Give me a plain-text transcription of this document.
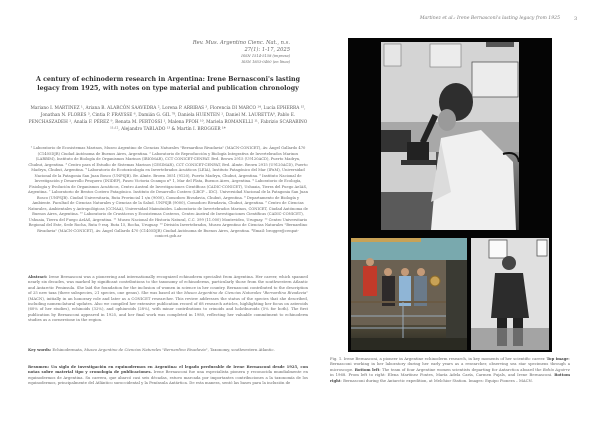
Martinez et al.: Irene Bernasconi's lasting legacy from 1925	3
Rev. Mus. Argentino Cienc. Nat., n.s.
27(1): 1-17, 2025
ISSN 1514-5158 (impresa)
ISSN 1853-0400 (en línea)
A century of echinoderm research in Argentina: Irene Bernasconi's lasting legacy from 1925, with notes on type material and publication chronology
Mariano I. MARTINEZ ¹, Ariana B. ALARCÓN SAAVEDRA ², Lorena P. ARRIBAS ³, Florencia DI MARCO ¹⁴, Lucía EPHERRA ¹⁵, Jonathan N. FLORES ³, Cintia P. FRAYSSE ⁶, Damián G. GIL ⁷⁸, Daniela HUENTEN ¹, Daniel M. LAURETTA⁹, Pablo E. PENCHASZADEH ¹, Analía F. PÉREZ ⁹, Renata M. PERTOSSI ¹, Malena PFOH ¹⁰, Mariela ROMANELLI ¹¹, Fabrizio SCARABINO ¹¹˒¹², Alejandro TABLADO ¹³ & Martín I. BROGGER ¹*
¹ Laboratorio de Ecosistemas Marinos, Museo Argentino de Ciencias Naturales "Bernardino Rivadavia" (MACN-CONICET), Av. Ángel Gallardo 470 (C1405DJR) Ciudad Autónoma de Buenos Aires, Argentina. ² Laboratorio de Reproducción y Biología Integrativa de Invertebrados Marinos (LARBIM), Instituto de Biología de Organismos Marinos (IBIOMAR), CCT CONICET-CENPAT. Bvd. Brown 2915 (U9120ACD), Puerto Madryn, Chubut, Argentina. ³ Centro para el Estudio de Sistemas Marinos (CESIMAR), CCT CONICET-CENPAT, Bvd. Almte. Brown 2915 (U9120ACD), Puerto Madryn, Chubut, Argentina. ⁴ Laboratorio de Ecotoxicología en Invertebrados Acuáticos (LEIA), Instituto Patagónico del Mar (IPaM), Universidad Nacional de la Patagonia San Juan Bosco (UNPSJB). Bv. Almte. Brown 3051 (9120), Puerto Madryn, Chubut, Argentina. ⁵ Instituto Nacional de Investigación y Desarrollo Pesquero (INIDEP), Paseo Victoria Ocampo nº 1, Mar del Plata, Buenos Aires, Argentina. ⁶ Laboratorio de Ecología, Fisiología y Evolución de Organismos Acuáticos, Centro Austral de Investigaciones Científicas (CADIC-CONICET), Ushuaia, Tierra del Fuego AeIAS, Argentina. ⁷ Laboratorio de Bentos Costero Patagónico. Instituto de Desarrollo Costero (LBCP – IDC). Universidad Nacional de la Patagonia San Juan Bosco (UNPSJB). Ciudad Universitaria, Ruta Provincial 1 s/n (9000), Comodoro Rivadavia, Chubut, Argentina. ⁸ Departamento de Biología y Ambiente. Facultad de Ciencias Naturales y Ciencias de la Salud. UNPSJB (9000), Comodoro Rivadavia, Chubut, Argentina. ⁹ Centro de Ciencias Naturales, Ambientales y Antropológicas (CCNAA), Universidad Maimónides. Laboratorio de Invertebrados Marinos, CONICET, Ciudad Autónoma de Buenos Aires, Argentina. ¹⁰ Laboratorio de Crustáceos y Ecosistemas Costeros, Centro Austral de Investigaciones Científicas (CADIC-CONICET), Ushuaia, Tierra del Fuego AeIAS, Argentina. ¹¹ Museo Nacional de Historia Natural, C.C. 399 (11.000) Montevideo, Uruguay. ¹² Centro Universitario Regional del Este, Sede Rocha, Ruta 9 esq. Ruta 15, Rocha, Uruguay. ¹³ División Invertebrados, Museo Argentino de Ciencias Naturales "Bernardino Rivadavia" (MACN-CONICET), Av. Ángel Gallardo 470 (C1405DJR) Ciudad Autónoma de Buenos Aires, Argentina. *Email: brogger@cenpat-conicet.gob.ar
Abstract: Irene Bernasconi was a pioneering and internationally recognized echinoderm specialist from Argentina. Her career, which spanned nearly six decades, was marked by significant contributions to the taxonomy of echinoderms, particularly those from the southwestern Atlantic and Antarctic Peninsula. She laid the foundation for the inclusion of women in science in her country. Bernasconi contributed to the description of 25 new taxa (three subspecies, 21 species, one genus). She was based at the Museo Argentino de Ciencias Naturales "Bernardino Rivadavia" (MACN), initially in an honorary role and later as a CONICET researcher. This review addresses the status of the species that she described, including nomenclatural updates. Also we compiled her extensive publication record of 68 research articles, highlighting her focus on asteroids (60% of her studies), echinoids (32%), and ophiuroids (28%), with minor contributions to crinoids and holothuroids (5% for both). The first publication by Bernasconi appeared in 1925, and her final work was completed in 1980, reflecting her valuable commitment to echinoderm studies as a cornerstone in the region.
Key words: Echinodermata, Museo Argentino de Ciencias Naturales "Bernardino Rivadavia", Taxonomy, southwestern Atlantic.
Resumen: Un siglo de investigación en equinodermos en Argentina: el legado perdurable de Irene Bernasconi desde 1925, con notas sobre material tipo y cronología de publicaciones. Irene Bernasconi fue una especialista pionera y reconocida mundialmente en equinodermos de Argentina. Su carrera, que abarcó casi seis décadas, estuvo marcada por importantes contribuciones a la taxonomía de los equinodermos, principalmente del Atlántico suroccidental y la Península Antártica. De esta manera, sentó las bases para la inclusión de
Fig. 1. Irene Bernasconi, a pioneer in Argentine echinoderm research, in key moments of her scientific career. Top image: Bernasconi working in her laboratory during her early years as a researcher, observing sea star specimens through a microscope. Bottom left: The team of four Argentine women scientists departing for Antarctica aboard the Bahía Aguirre in 1968. From left to right: Elena Martínez Fontes, María Adela Caría, Carmen Pujals, and Irene Bernasconi. Bottom right: Bernasconi during the Antarctic expedition, at Melchior Station. Images: Equipo Pionera – MACN.
